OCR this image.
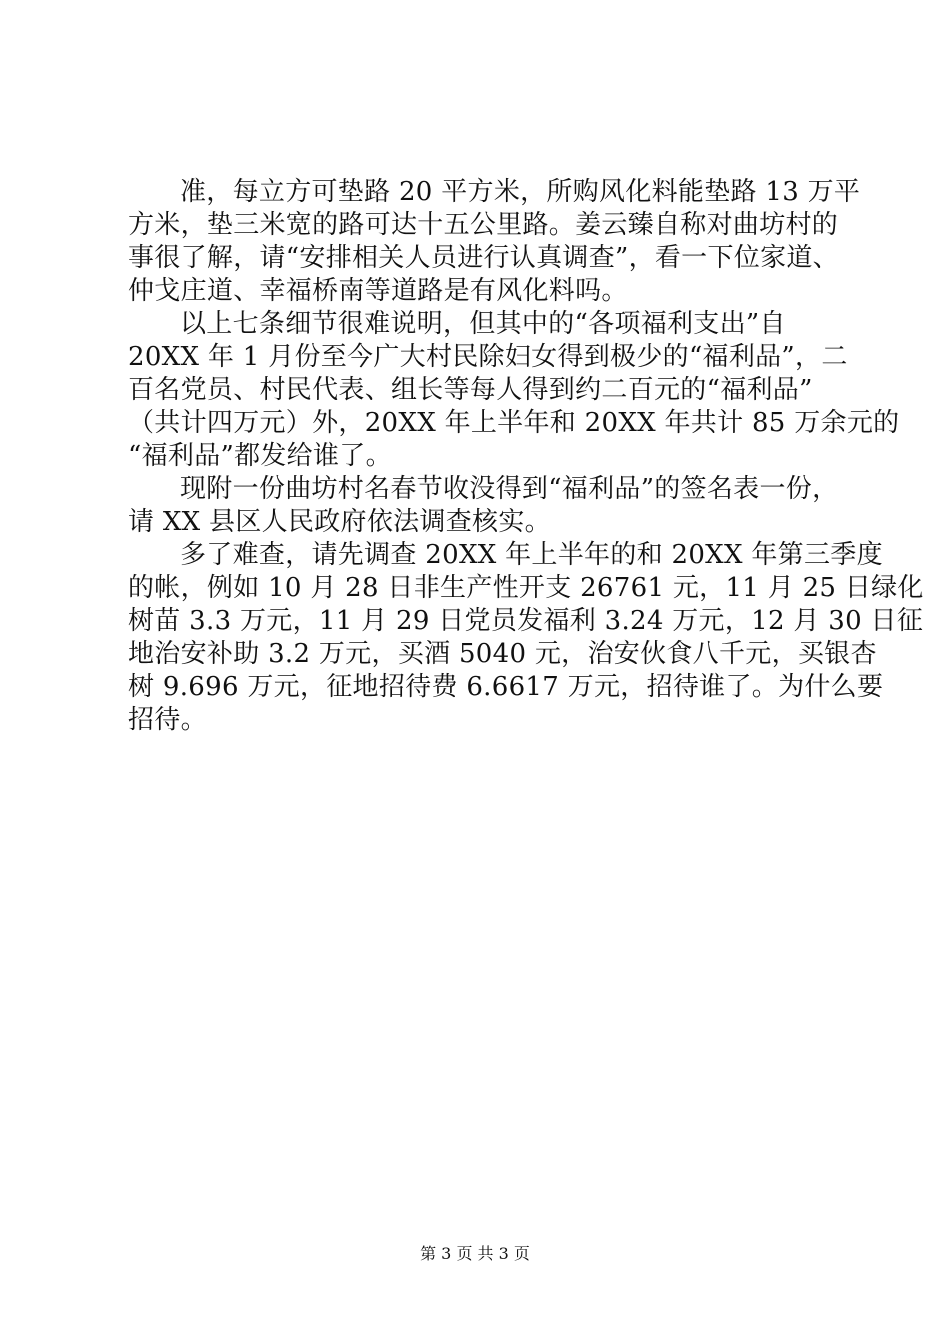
准，每立方可垫路 20 平方米，所购风化料能垫路 13 万平
方米，垫三米宽的路可达十五公里路。姜云臻自称对曲坊村的
事很了解，请“安排相关人员进行认真调查”，看一下位家道、
仲戈庄道、幸福桥南等道路是有风化料吗。
以上七条细节很难说明，但其中的“各项福利支出”自
20XX 年 1 月份至今广大村民除妇女得到极少的“福利品”，二
百名党员、村民代表、组长等每人得到约二百元的“福利品”
（共计四万元）外，20XX 年上半年和 20XX 年共计 85 万余元的
“福利品”都发给谁了。
现附一份曲坊村名春节收没得到“福利品”的签名表一份，
请 XX 县区人民政府依法调查核实。
多了难查，请先调查 20XX 年上半年的和 20XX 年第三季度
的帐，例如 10 月 28 日非生产性开支 26761 元，11 月 25 日绿化
树苗 3.3 万元，11 月 29 日党员发福利 3.24 万元，12 月 30 日征
地治安补助 3.2 万元，买酒 5040 元，治安伙食八千元，买银杏
树 9.696 万元，征地招待费 6.6617 万元，招待谁了。为什么要
招待。
第 3 页 共 3 页
